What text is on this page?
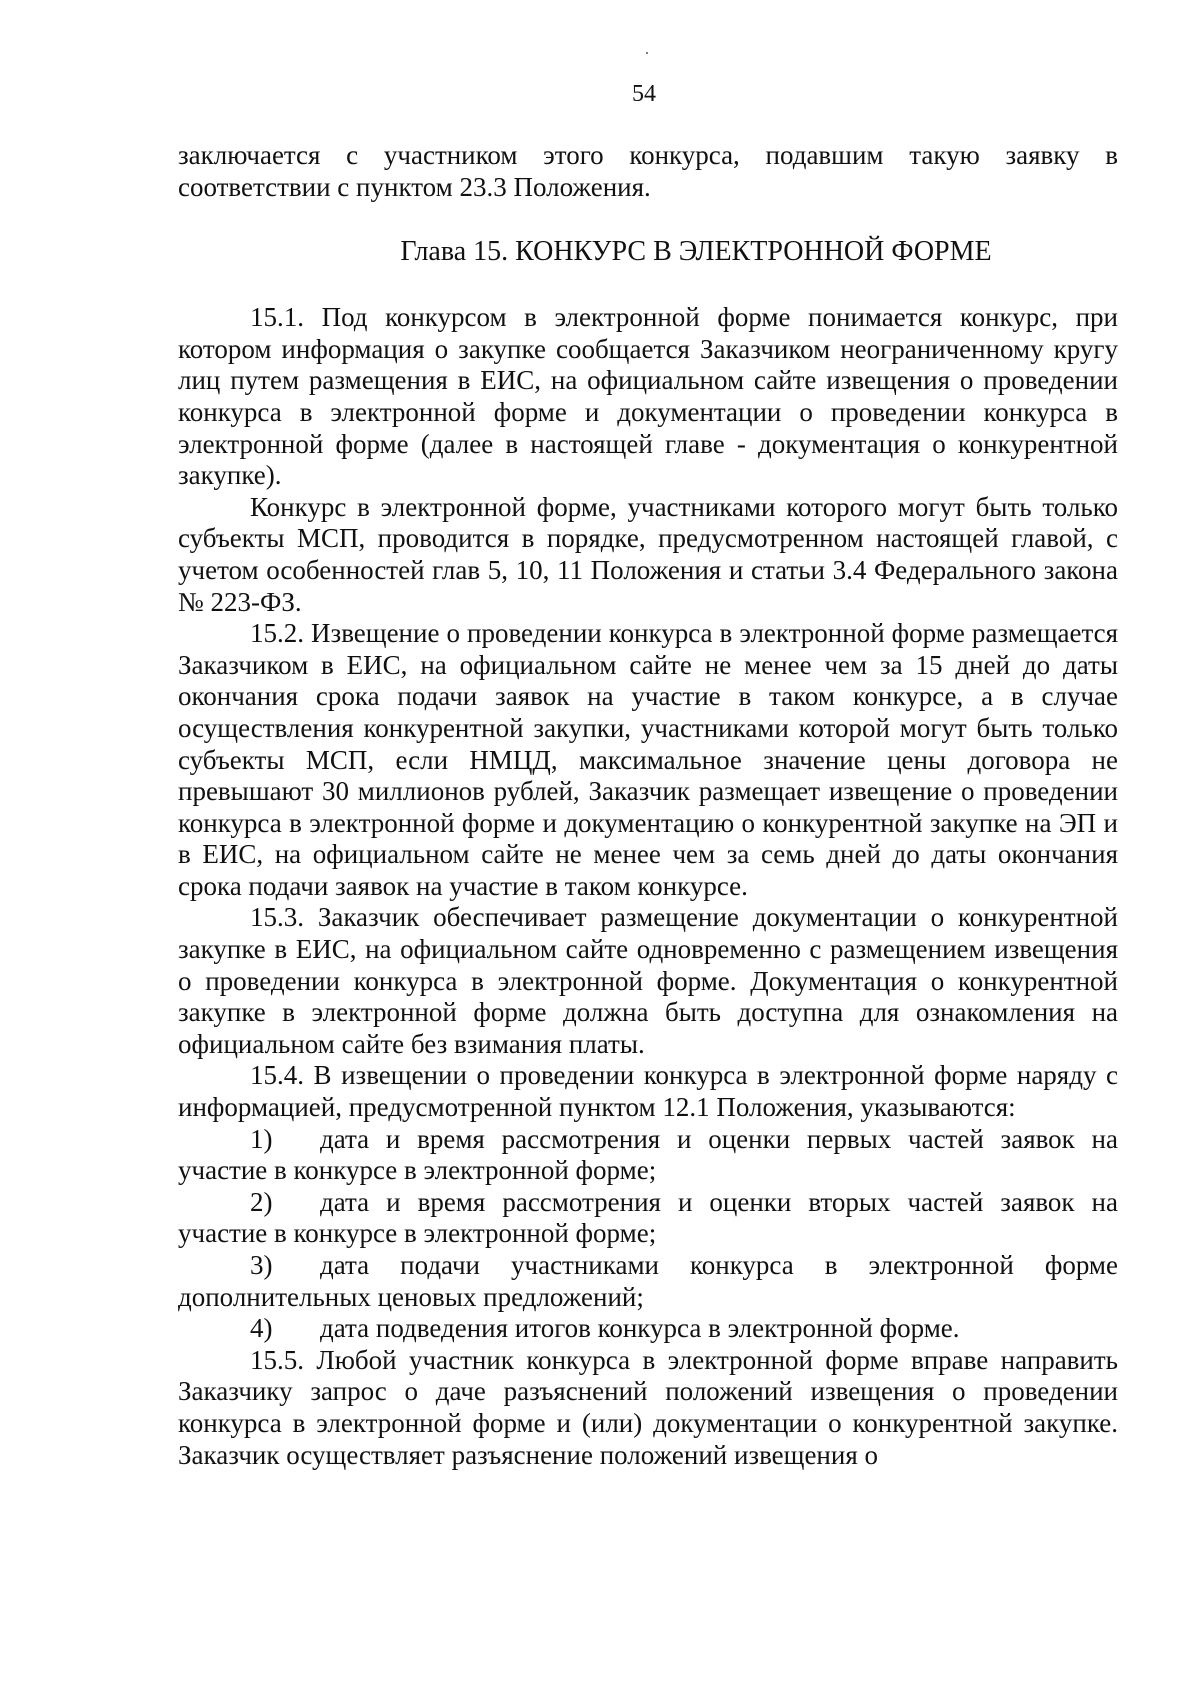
54

заключается с участником этого конкурса, подавшим такую заявку в соответствии с пунктом 23.3 Положения.

Глава 15. КОНКУРС В ЭЛЕКТРОННОЙ ФОРМЕ

15.1. Под конкурсом в электронной форме понимается конкурс, при котором информация о закупке сообщается Заказчиком неограниченному кругу лиц путем размещения в ЕИС, на официальном сайте извещения о проведении конкурса в электронной форме и документации о проведении конкурса в электронной форме (далее в настоящей главе - документация о конкурентной закупке).

Конкурс в электронной форме, участниками которого могут быть только субъекты МСП, проводится в порядке, предусмотренном настоящей главой, с учетом особенностей глав 5, 10, 11 Положения и статьи 3.4 Федерального закона № 223-ФЗ.

15.2. Извещение о проведении конкурса в электронной форме размещается Заказчиком в ЕИС, на официальном сайте не менее чем за 15 дней до даты окончания срока подачи заявок на участие в таком конкурсе, а в случае осуществления конкурентной закупки, участниками которой могут быть только субъекты МСП, если НМЦД, максимальное значение цены договора не превышают 30 миллионов рублей, Заказчик размещает извещение о проведении конкурса в электронной форме и документацию о конкурентной закупке на ЭП и в ЕИС, на официальном сайте не менее чем за семь дней до даты окончания срока подачи заявок на участие в таком конкурсе.

15.3. Заказчик обеспечивает размещение документации о конкурентной закупке в ЕИС, на официальном сайте одновременно с размещением извещения о проведении конкурса в электронной форме. Документация о конкурентной закупке в электронной форме должна быть доступна для ознакомления на официальном сайте без взимания платы.

15.4. В извещении о проведении конкурса в электронной форме наряду с информацией, предусмотренной пунктом 12.1 Положения, указываются:

1) дата и время рассмотрения и оценки первых частей заявок на участие в конкурсе в электронной форме;

2) дата и время рассмотрения и оценки вторых частей заявок на участие в конкурсе в электронной форме;

3) дата подачи участниками конкурса в электронной форме дополнительных ценовых предложений;

4) дата подведения итогов конкурса в электронной форме.

15.5. Любой участник конкурса в электронной форме вправе направить Заказчику запрос о даче разъяснений положений извещения о проведении конкурса в электронной форме и (или) документации о конкурентной закупке. Заказчик осуществляет разъяснение положений извещения о
